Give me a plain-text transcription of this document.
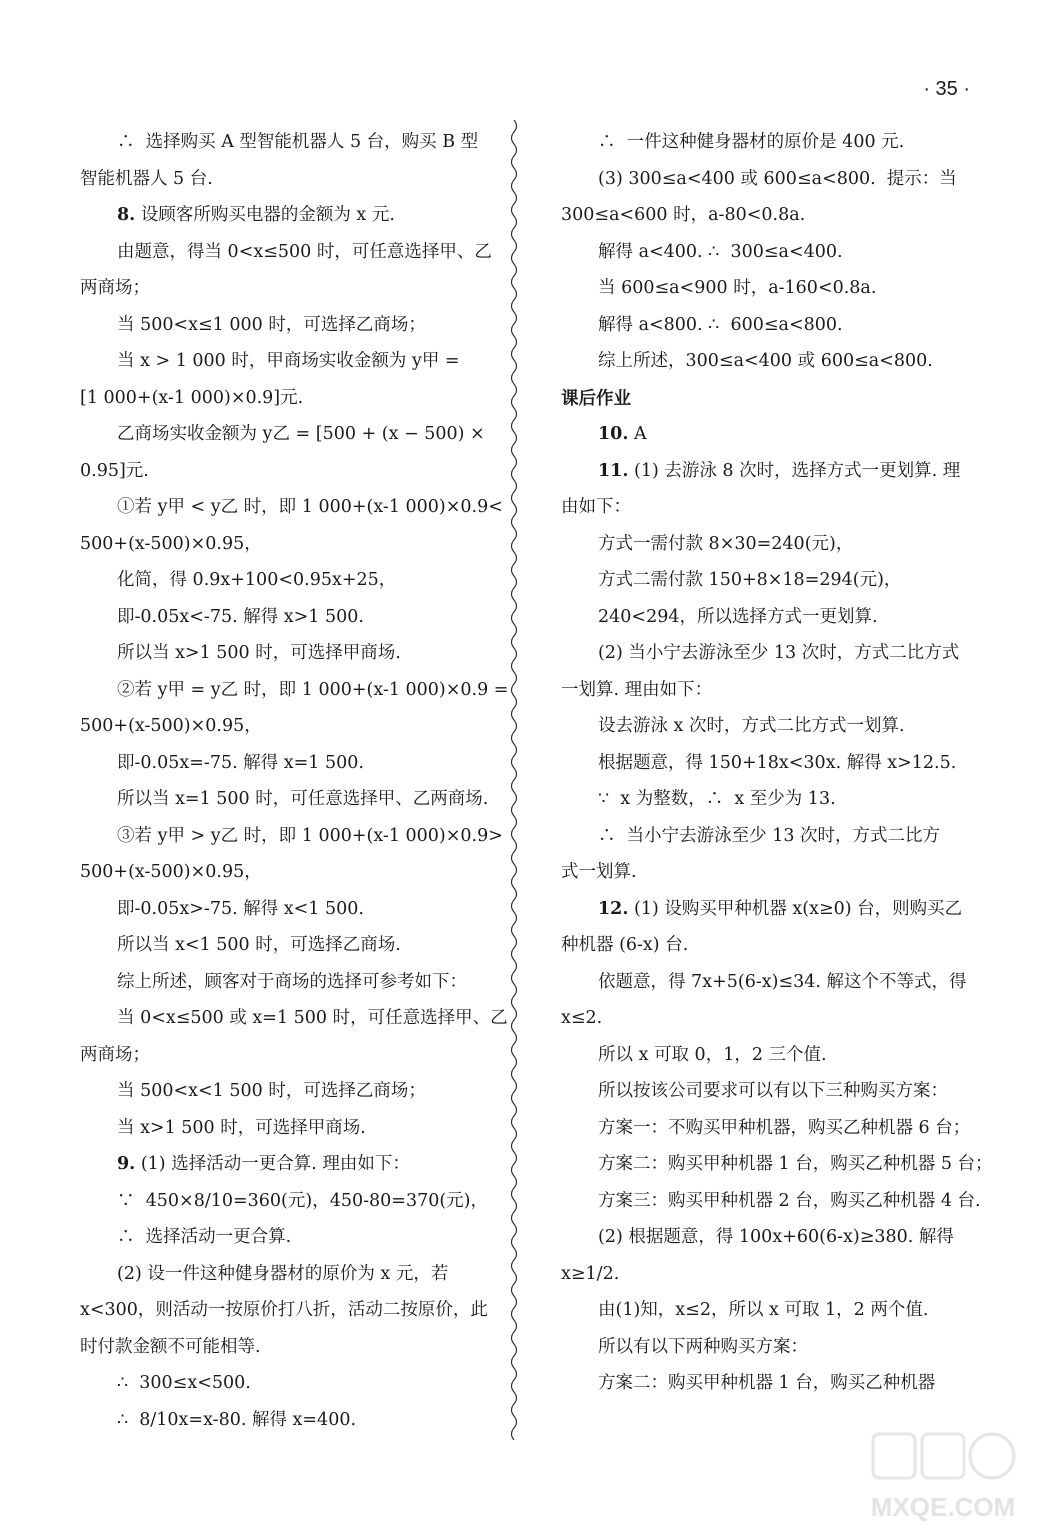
· 35 ·
∴  选择购买 A 型智能机器人 5 台，购买 B 型
智能机器人 5 台.
8. 设顾客所购买电器的金额为 x 元.
由题意，得当 0<x≤500 时，可任意选择甲、乙
两商场；
当 500<x≤1 000 时，可选择乙商场；
当 x > 1 000 时，甲商场实收金额为 y甲 =
[1 000+(x-1 000)×0.9]元.
乙商场实收金额为 y乙 = [500 + (x − 500) ×
0.95]元.
①若 y甲 < y乙 时，即 1 000+(x-1 000)×0.9<
500+(x-500)×0.95，
化简，得 0.9x+100<0.95x+25，
即-0.05x<-75. 解得 x>1 500.
所以当 x>1 500 时，可选择甲商场.
②若 y甲 = y乙 时，即 1 000+(x-1 000)×0.9 =
500+(x-500)×0.95，
即-0.05x=-75. 解得 x=1 500.
所以当 x=1 500 时，可任意选择甲、乙两商场.
③若 y甲 > y乙 时，即 1 000+(x-1 000)×0.9>
500+(x-500)×0.95，
即-0.05x>-75. 解得 x<1 500.
所以当 x<1 500 时，可选择乙商场.
综上所述，顾客对于商场的选择可参考如下：
当 0<x≤500 或 x=1 500 时，可任意选择甲、乙
两商场；
当 500<x<1 500 时，可选择乙商场；
当 x>1 500 时，可选择甲商场.
9. (1) 选择活动一更合算. 理由如下：
∵  450×8/10=360(元)，450-80=370(元)，
∴  选择活动一更合算.
(2) 设一件这种健身器材的原价为 x 元，若
x<300，则活动一按原价打八折，活动二按原价，此
时付款金额不可能相等.
∴  300≤x<500.
∴  8/10x=x-80. 解得 x=400.
∴  一件这种健身器材的原价是 400 元.
(3) 300≤a<400 或 600≤a<800.  提示：当
300≤a<600 时，a-80<0.8a.
解得 a<400. ∴  300≤a<400.
当 600≤a<900 时，a-160<0.8a.
解得 a<800. ∴  600≤a<800.
综上所述，300≤a<400 或 600≤a<800.
课后作业
10. A
11. (1) 去游泳 8 次时，选择方式一更划算. 理
由如下：
方式一需付款 8×30=240(元)，
方式二需付款 150+8×18=294(元)，
240<294，所以选择方式一更划算.
(2) 当小宁去游泳至少 13 次时，方式二比方式
一划算. 理由如下：
设去游泳 x 次时，方式二比方式一划算.
根据题意，得 150+18x<30x. 解得 x>12.5.
∵  x 为整数，∴  x 至少为 13.
∴  当小宁去游泳至少 13 次时，方式二比方
式一划算.
12. (1) 设购买甲种机器 x(x≥0) 台，则购买乙
种机器 (6-x) 台.
依题意，得 7x+5(6-x)≤34. 解这个不等式，得
x≤2.
所以 x 可取 0，1，2 三个值.
所以按该公司要求可以有以下三种购买方案：
方案一：不购买甲种机器，购买乙种机器 6 台；
方案二：购买甲种机器 1 台，购买乙种机器 5 台；
方案三：购买甲种机器 2 台，购买乙种机器 4 台.
(2) 根据题意，得 100x+60(6-x)≥380. 解得
x≥1/2.
由(1)知，x≤2，所以 x 可取 1，2 两个值.
所以有以下两种购买方案：
方案二：购买甲种机器 1 台，购买乙种机器
MXQE.COM
